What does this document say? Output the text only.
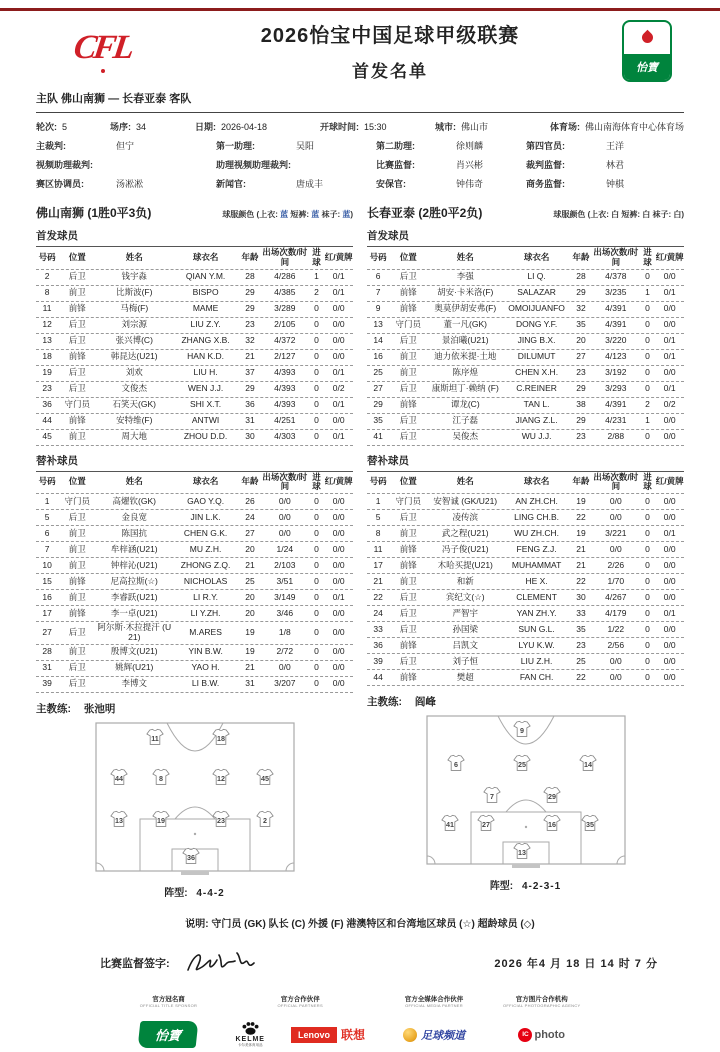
CFL	2026怡宝中国足球甲级联赛
首发名单	怡寶
主队 佛山南狮 — 长春亚泰 客队
轮次: 5	场序: 34	日期: 2026-04-18	开球时间: 15:30	城市: 佛山市	体育场: 佛山南海体育中心体育场
主裁判:	但宁	第一助理:	吴阳	第二助理:	徐则麟	第四官员:	王洋
视频助理裁判:	助理视频助理裁判:	比赛监督:	肖兴彬	裁判监督:	林君
赛区协调员:	汤凇凇	新闻官:	唐成丰	安保官:	钟伟奇	商务监督:	钟棋
佛山南狮 (1胜0平3负)	球服颜色 (上衣: 蓝 短裤: 蓝 袜子: 蓝)
首发球员
号码	位置	姓名	球衣名	年龄 出场次数/时间
进球 红/黄牌
2	后卫	钱宇淼	QIAN Y.M.	28	4/286	1	0/1
8	前卫	比斯波(F)	BISPO	29	4/385	2	0/1
11	前锋	马梅(F)	MAME	29	3/289	0	0/0
12	后卫	刘宗源	LIU Z.Y.	23	2/105	0	0/0
13	后卫	张兴博(C)	ZHANG X.B.	32	4/372	0	0/0
18	前锋	韩昆达(U21)	HAN K.D.	21	2/127	0	0/0
19	后卫	刘欢	LIU H.	37	4/393	0	0/1
23	后卫	文俊杰	WEN J.J.	29	4/393	0	0/2
36	守门员	石笑天(GK)	SHI X.T.	36	4/393	0	0/1
44	前锋	安特维(F)	ANTWI	31	4/251	0	0/0
45	前卫	周大地	ZHOU D.D.	30	4/303	0	0/1
替补球员
号码	位置	姓名	球衣名	年龄 出场次数/时间
进球 红/黄牌
1	守门员	高燿钦(GK)	GAO Y.Q.	26	0/0	0	0/0
5	后卫	金良宽	JIN L.K.	24	0/0	0	0/0
6	前卫	陈国抗	CHEN G.K.	27	0/0	0	0/0
7	前卫	牟梓涵(U21)	MU Z.H.	20	1/24	0	0/0
10	前卫	钟梓沁(U21)	ZHONG Z.Q.	21	2/103	0	0/0
15	前锋	尼高拉斯(☆)	NICHOLAS	25	3/51	0	0/0
16	前卫	李睿跃(U21)	LI R.Y.	20	3/149	0	0/1
17	前锋	李一卓(U21)	LI Y.ZH.	20	3/46	0	0/0
27	后卫	阿尔斯·木拉提汗 (U21)	M.ARES	19	1/8	0	0/0
28	前卫	殷博文(U21)	YIN B.W.	19	2/72	0	0/0
31	后卫	姚辉(U21)	YAO H.	21	0/0	0	0/0
39	后卫	李博文	LI B.W.	31	3/207	0	0/0
主教练: 张池明
11	18
44	8	12	45
13	19	23	2
36
阵型: 4-4-2
长春亚泰 (2胜0平2负)	球服颜色 (上衣: 白 短裤: 白 袜子: 白)
首发球员
号码	位置	姓名	球衣名	年龄 出场次数/时间
进球 红/黄牌
6	后卫	李强	LI Q.	28	4/378	0	0/0
7	前锋	胡安·卡米洛(F)	SALAZAR	29	3/235	1	0/1
9	前锋	奥莫伊胡安弗(F)	OMOIJUANFO	32	4/391	0	0/0
13	守门员	董一凡(GK)	DONG Y.F.	35	4/391	0	0/0
14	后卫	景泊曦(U21)	JING B.X.	20	3/220	0	0/1
16	前卫	迪力依米提·土地	DILUMUT	27	4/123	0	0/1
25	前卫	陈序煌	CHEN X.H.	23	3/192	0	0/0
27	后卫	康斯坦丁·赖纳 (F)	C.REINER	29	3/293	0	0/1
29	前锋	谭龙(C)	TAN L.	38	4/391	2	0/2
35	后卫	江子磊	JIANG Z.L.	29	4/231	1	0/0
41	后卫	吴俊杰	WU J.J.	23	2/88	0	0/0
替补球员
号码	位置	姓名	球衣名	年龄 出场次数/时间
进球 红/黄牌
1	守门员	安智诚 (GK/U21)	AN ZH.CH.	19	0/0	0	0/0
5	后卫	凌传滨	LING CH.B.	22	0/0	0	0/0
8	前卫	武之程(U21)	WU ZH.CH.	19	3/221	0	0/1
11	前锋	冯子俊(U21)	FENG Z.J.	21	0/0	0	0/0
17	前锋	木哈买提(U21)	MUHAMMAT	21	2/26	0	0/0
21	前卫	和新	HE X.	22	1/70	0	0/0
22	后卫	宾纪文(☆)	CLEMENT	30	4/267	0	0/0
24	后卫	严智宇	YAN ZH.Y.	33	4/179	0	0/1
33	后卫	孙国梁	SUN G.L.	35	1/22	0	0/0
36	前锋	吕凯文	LYU K.W.	23	2/56	0	0/0
39	后卫	刘子恒	LIU Z.H.	25	0/0	0	0/0
44	前锋	樊超	FAN CH.	22	0/0	0	0/0
主教练: 阎峰
9
6	25	14
7	29
41	27	16	35
13
阵型: 4-2-3-1
说明: 守门员 (GK) 队长 (C) 外援 (F) 港澳特区和台湾地区球员 (☆) 超龄球员 (◇)
比赛监督签字:	2026 年4 月 18 日 14 时 7 分
官方冠名商
OFFICIAL TITLE SPONSOR
怡寶
官方合作伙伴
OFFICIAL PARTNERS
KELME
卡尔美体育用品
Lenovo 联想
官方全媒体合作伙伴
OFFICIAL MEDIA PARTNER
足球频道
官方图片合作机构
OFFICIAL PHOTOGRAPHIC AGENCY
IC photo
